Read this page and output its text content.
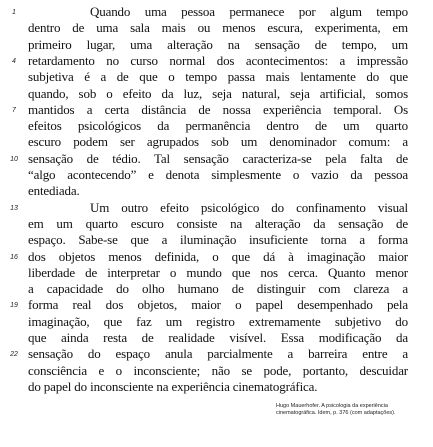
Quando uma pessoa permanece por algum tempo
1
dentro de uma sala mais ou menos escura, experimenta, em
primeiro lugar, uma alteração na sensação de tempo, um
retardamento no curso normal dos acontecimentos: a impressão
4
subjetiva é a de que o tempo passa mais lentamente do que
quando, sob o efeito da luz, seja natural, seja artificial, somos
mantidos a certa distância de nossa experiência temporal. Os
7
efeitos psicológicos da permanência dentro de um quarto
escuro podem ser agrupados sob um denominador comum: a
sensação de tédio. Tal sensação caracteriza-se pela falta de
10
“algo acontecendo” e denota simplesmente o vazio da pessoa
entediada.
Um outro efeito psicológico do confinamento visual
13
em um quarto escuro consiste na alteração da sensação de
espaço. Sabe-se que a iluminação insuficiente torna a forma
dos objetos menos definida, o que dá à imaginação maior
16
liberdade de interpretar o mundo que nos cerca. Quanto menor
a capacidade do olho humano de distinguir com clareza a
forma real dos objetos, maior o papel desempenhado pela
19
imaginação, que faz um registro extremamente subjetivo do
que ainda resta de realidade visível. Essa modificação da
sensação do espaço anula parcialmente a barreira entre a
22
consciência e o inconsciente; não se pode, portanto, descuidar
do papel do inconsciente na experiência cinematográfica.
Hugo Mauerhofer. A psicologia da experiência
cinematográfica. Idem, p. 376 (com adaptações).
